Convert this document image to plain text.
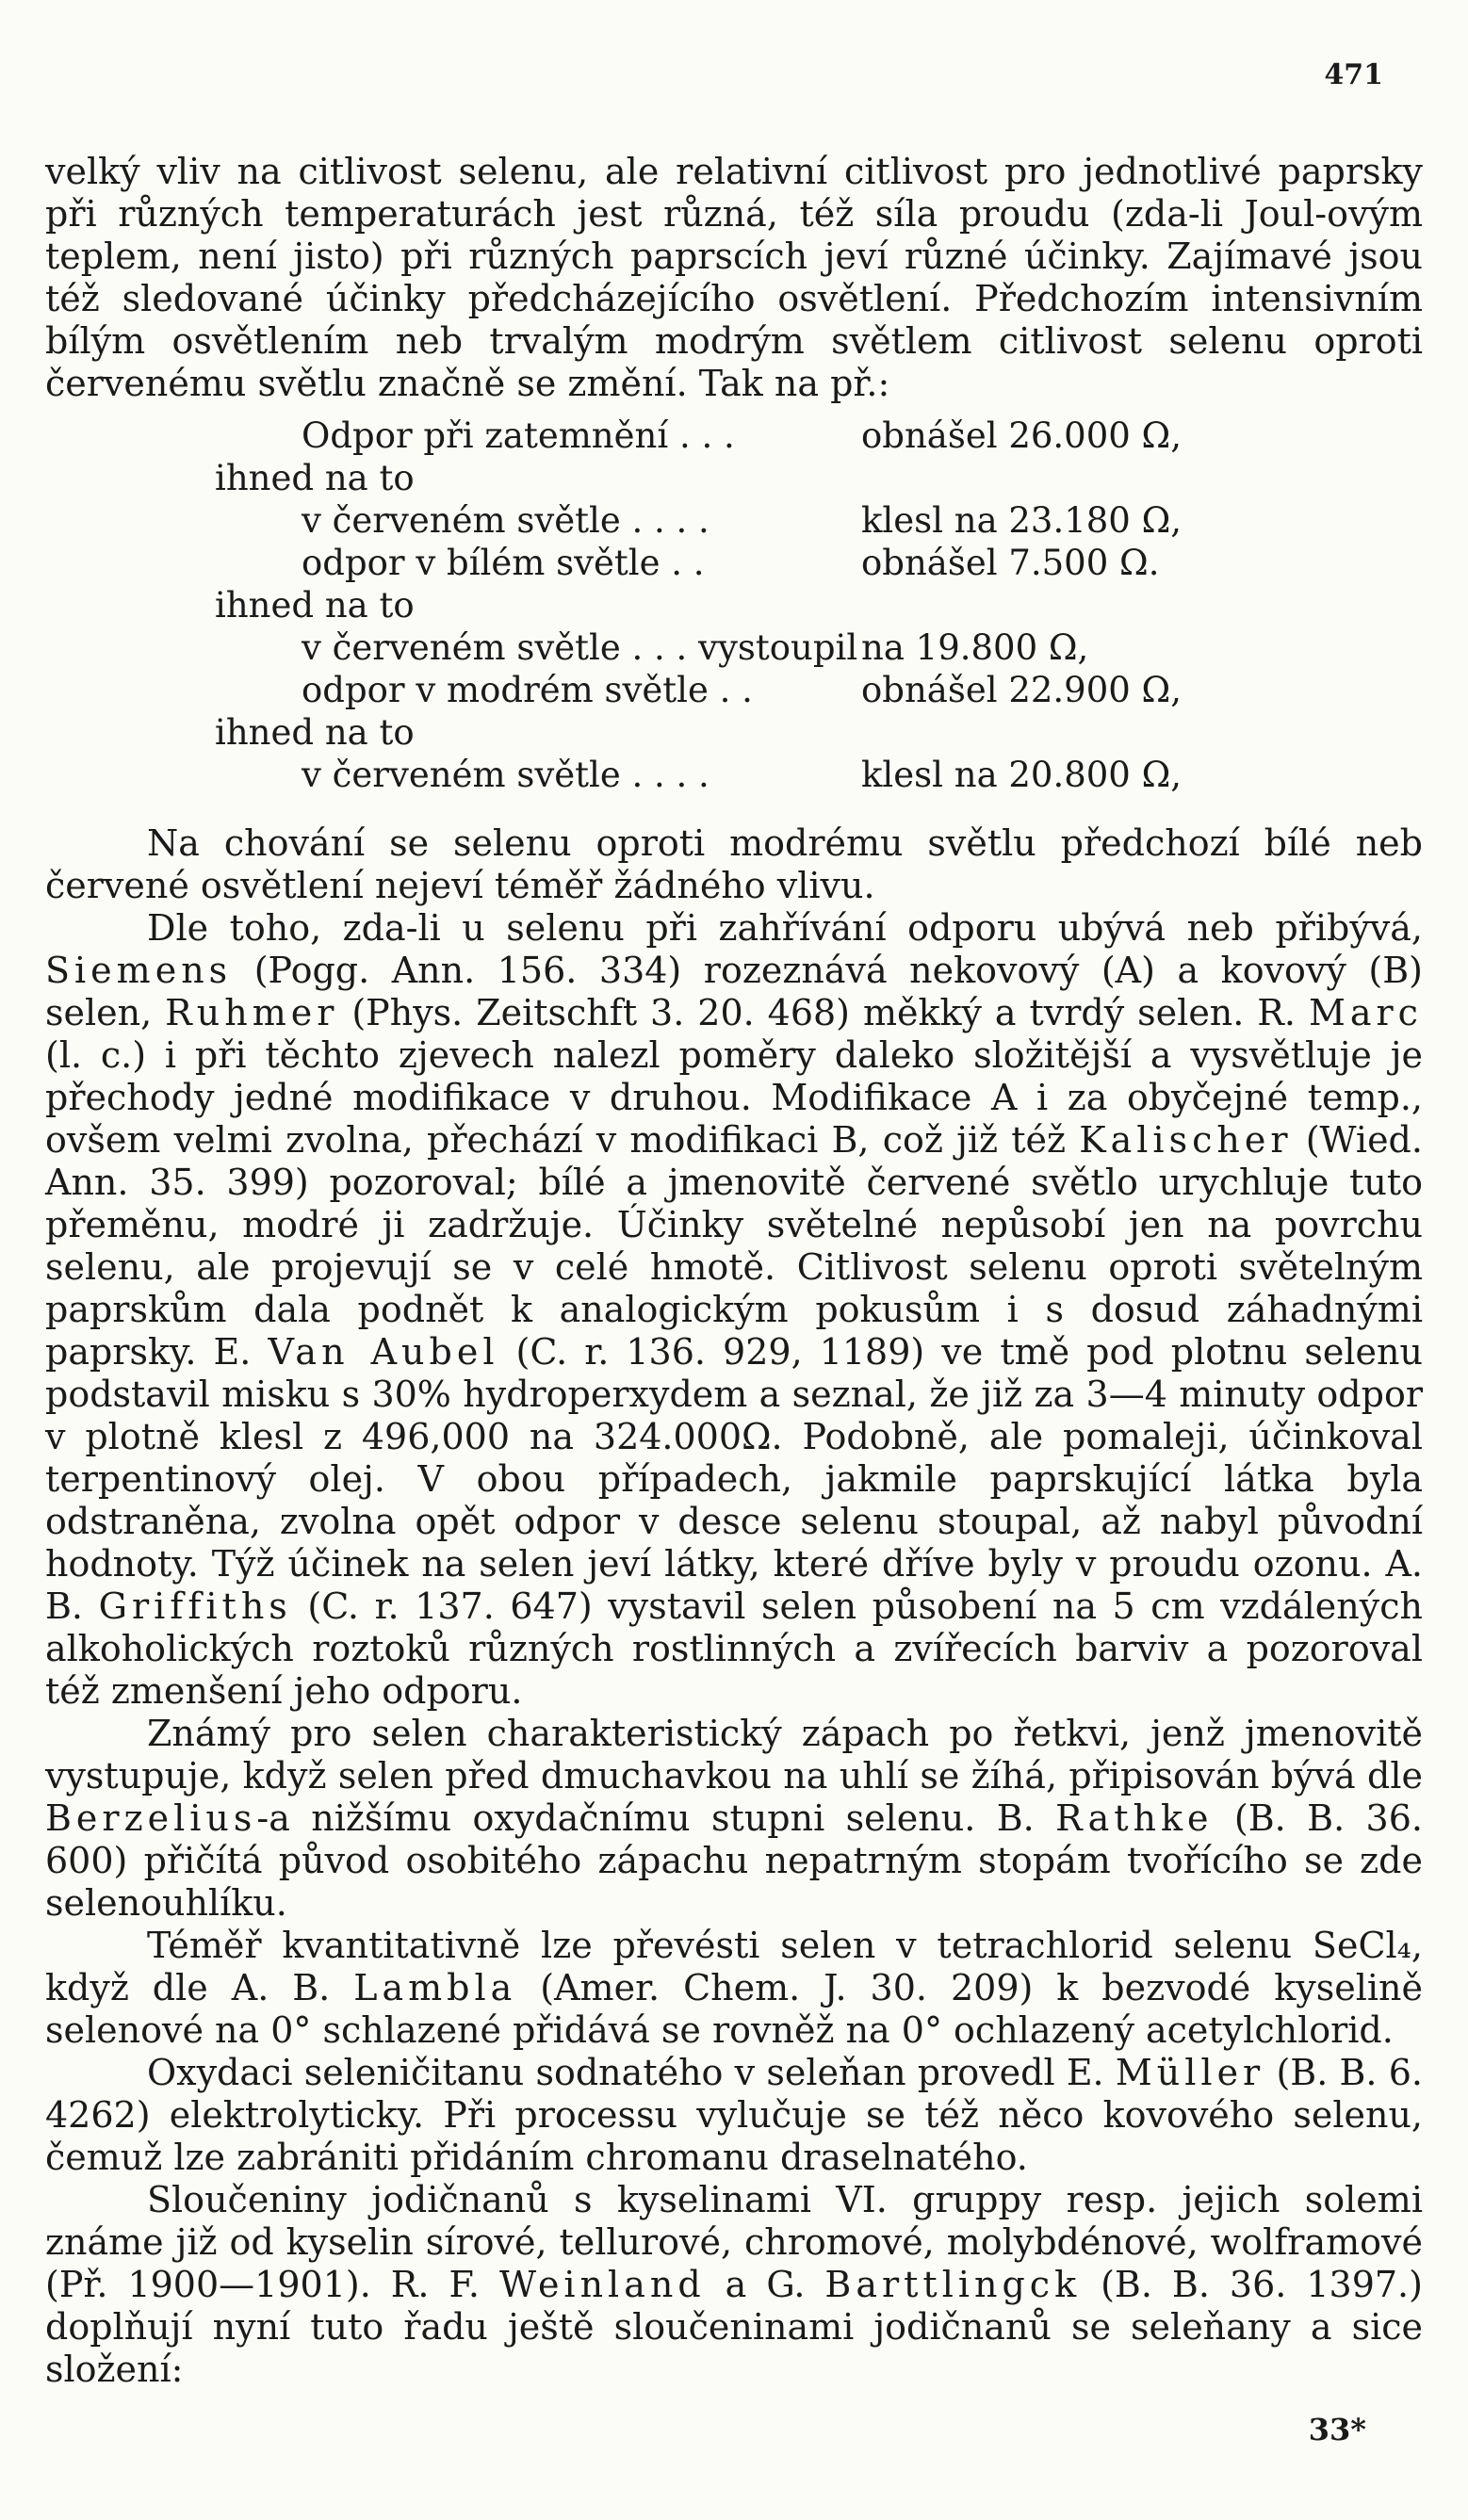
471

velký vliv na citlivost selenu, ale relativní citlivost pro jednotlivé paprsky při různých temperaturách jest různá, též síla proudu (zda-li Joul-ovým teplem, není jisto) při různých paprscích jeví různé účinky. Zajímavé jsou též sledované účinky předcházejícího osvětlení. Předchozím intensivním bílým osvětlením neb trvalým modrým světlem citlivost selenu oproti červenému světlu značně se změní. Tak na př.:

Odpor při zatemnění . . .	obnášel 26.000 Ω,
ihned na to
v červeném světle . . . .	klesl na 23.180 Ω,
odpor v bílém světle . .	obnášel 7.500 Ω.
ihned na to
v červeném světle . . . vystoupil na 19.800 Ω,
odpor v modrém světle . .	obnášel 22.900 Ω,
ihned na to
v červeném světle . . . .	klesl na 20.800 Ω,

Na chování se selenu oproti modrému světlu předchozí bílé neb červené osvětlení nejeví téměř žádného vlivu.

Dle toho, zda-li u selenu při zahřívání odporu ubývá neb přibývá, Siemens (Pogg. Ann. 156. 334) rozeznává nekovový (A) a kovový (B) selen, Ruhmer (Phys. Zeitschft 3. 20. 468) měkký a tvrdý selen. R. Marc (l. c.) i při těchto zjevech nalezl poměry daleko složitější a vysvětluje je přechody jedné modifikace v druhou. Modifikace A i za obyčejné temp., ovšem velmi zvolna, přechází v modifikaci B, což již též Kalischer (Wied. Ann. 35. 399) pozoroval; bílé a jmenovitě červené světlo urychluje tuto přeměnu, modré ji zadržuje. Účinky světelné nepůsobí jen na povrchu selenu, ale projevují se v celé hmotě. Citlivost selenu oproti světelným paprskům dala podnět k analogickým pokusům i s dosud záhadnými paprsky. E. Van Aubel (C. r. 136. 929, 1189) ve tmě pod plotnu selenu podstavil misku s 30% hydroperxydem a seznal, že již za 3—4 minuty odpor v plotně klesl z 496,000 na 324.000Ω. Podobně, ale pomaleji, účinkoval terpentinový olej. V obou případech, jakmile paprskující látka byla odstraněna, zvolna opět odpor v desce selenu stoupal, až nabyl původní hodnoty. Týž účinek na selen jeví látky, které dříve byly v proudu ozonu. A. B. Griffiths (C. r. 137. 647) vystavil selen působení na 5 cm vzdálených alkoholických roztoků různých rostlinných a zvířecích barviv a pozoroval též zmenšení jeho odporu.

Známý pro selen charakteristický zápach po řetkvi, jenž jmenovitě vystupuje, když selen před dmuchavkou na uhlí se žíhá, připisován bývá dle Berzelius-a nižšímu oxydačnímu stupni selenu. B. Rathke (B. B. 36. 600) přičítá původ osobitého zápachu nepatrným stopám tvořícího se zde selenouhlíku.

Téměř kvantitativně lze převésti selen v tetrachlorid selenu SeCl₄, když dle A. B. Lambla (Amer. Chem. J. 30. 209) k bezvodé kyselině selenové na 0° schlazené přidává se rovněž na 0° ochlazený acetylchlorid.

Oxydaci seleničitanu sodnatého v seleňan provedl E. Müller (B. B. 6. 4262) elektrolyticky. Při processu vylučuje se též něco kovového selenu, čemuž lze zabrániti přidáním chromanu draselnatého.

Sloučeniny jodičnanů s kyselinami VI. gruppy resp. jejich solemi známe již od kyselin sírové, tellurové, chromové, molybdénové, wolframové (Př. 1900—1901). R. F. Weinland a G. Barttlingck (B. B. 36. 1397.) doplňují nyní tuto řadu ještě sloučeninami jodičnanů se seleňany a sice složení:

33*
